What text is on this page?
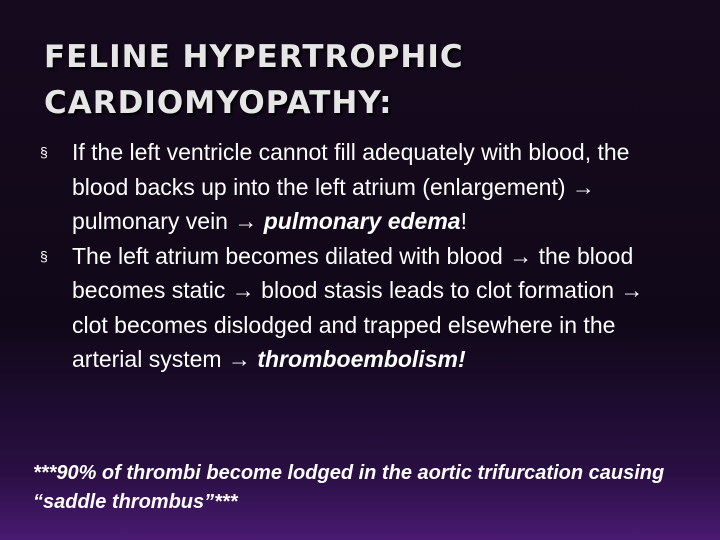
FELINE HYPERTROPHIC
CARDIOMYOPATHY:
§ If the left ventricle cannot fill adequately with blood, the blood backs up into the left atrium (enlargement) → pulmonary vein → pulmonary edema!
§ The left atrium becomes dilated with blood → the blood becomes static → blood stasis leads to clot formation → clot becomes dislodged and trapped elsewhere in the arterial system → thromboembolism!
***90% of thrombi become lodged in the aortic trifurcation causing “saddle thrombus”***
